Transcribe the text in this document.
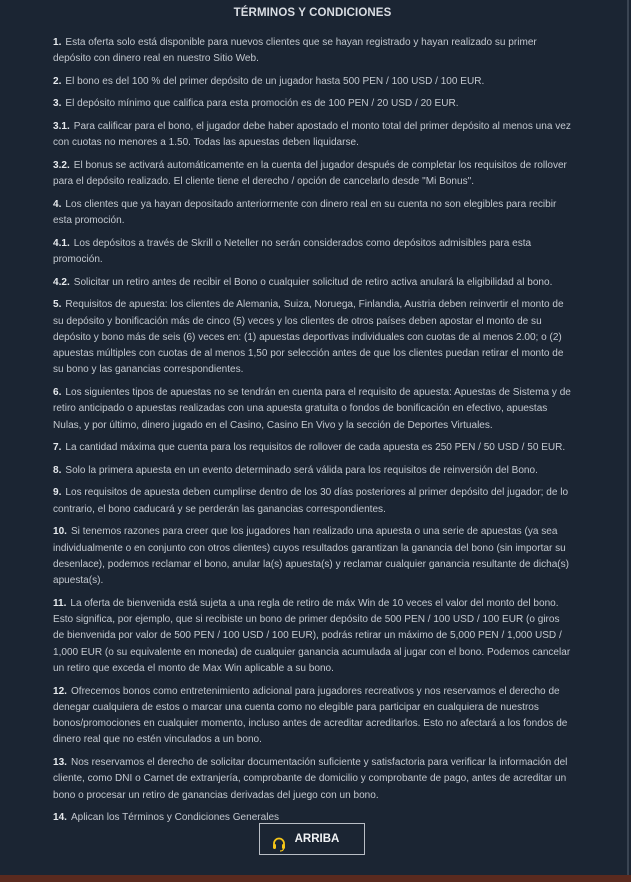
TÉRMINOS Y CONDICIONES
1. Esta oferta solo está disponible para nuevos clientes que se hayan registrado y hayan realizado su primer depósito con dinero real en nuestro Sitio Web.
2. El bono es del 100 % del primer depósito de un jugador hasta 500 PEN / 100 USD / 100 EUR.
3. El depósito mínimo que califica para esta promoción es de 100 PEN / 20 USD / 20 EUR.
3.1. Para calificar para el bono, el jugador debe haber apostado el monto total del primer depósito al menos una vez con cuotas no menores a 1.50. Todas las apuestas deben liquidarse.
3.2. El bonus se activará automáticamente en la cuenta del jugador después de completar los requisitos de rollover para el depósito realizado. El cliente tiene el derecho / opción de cancelarlo desde "Mi Bonus".
4. Los clientes que ya hayan depositado anteriormente con dinero real en su cuenta no son elegibles para recibir esta promoción.
4.1. Los depósitos a través de Skrill o Neteller no serán considerados como depósitos admisibles para esta promoción.
4.2. Solicitar un retiro antes de recibir el Bono o cualquier solicitud de retiro activa anulará la eligibilidad al bono.
5. Requisitos de apuesta: los clientes de Alemania, Suiza, Noruega, Finlandia, Austria deben reinvertir el monto de su depósito y bonificación más de cinco (5) veces y los clientes de otros países deben apostar el monto de su depósito y bono más de seis (6) veces en: (1) apuestas deportivas individuales con cuotas de al menos 2.00; o (2) apuestas múltiples con cuotas de al menos 1,50 por selección antes de que los clientes puedan retirar el monto de su bono y las ganancias correspondientes.
6. Los siguientes tipos de apuestas no se tendrán en cuenta para el requisito de apuesta: Apuestas de Sistema y de retiro anticipado o apuestas realizadas con una apuesta gratuita o fondos de bonificación en efectivo, apuestas Nulas, y por último, dinero jugado en el Casino, Casino En Vivo y la sección de Deportes Virtuales.
7. La cantidad máxima que cuenta para los requisitos de rollover de cada apuesta es 250 PEN / 50 USD / 50 EUR.
8. Solo la primera apuesta en un evento determinado será válida para los requisitos de reinversión del Bono.
9. Los requisitos de apuesta deben cumplirse dentro de los 30 días posteriores al primer depósito del jugador; de lo contrario, el bono caducará y se perderán las ganancias correspondientes.
10. Si tenemos razones para creer que los jugadores han realizado una apuesta o una serie de apuestas (ya sea individualmente o en conjunto con otros clientes) cuyos resultados garantizan la ganancia del bono (sin importar su desenlace), podemos reclamar el bono, anular la(s) apuesta(s) y reclamar cualquier ganancia resultante de dicha(s) apuesta(s).
11. La oferta de bienvenida está sujeta a una regla de retiro de máx Win de 10 veces el valor del monto del bono. Esto significa, por ejemplo, que si recibiste un bono de primer depósito de 500 PEN / 100 USD / 100 EUR (o giros de bienvenida por valor de 500 PEN / 100 USD / 100 EUR), podrás retirar un máximo de 5,000 PEN / 1,000 USD / 1,000 EUR (o su equivalente en moneda) de cualquier ganancia acumulada al jugar con el bono. Podemos cancelar un retiro que exceda el monto de Max Win aplicable a su bono.
12. Ofrecemos bonos como entretenimiento adicional para jugadores recreativos y nos reservamos el derecho de denegar cualquiera de estos o marcar una cuenta como no elegible para participar en cualquiera de nuestros bonos/promociones en cualquier momento, incluso antes de acreditar acreditarlos. Esto no afectará a los fondos de dinero real que no estén vinculados a un bono.
13. Nos reservamos el derecho de solicitar documentación suficiente y satisfactoria para verificar la información del cliente, como DNI o Carnet de extranjería, comprobante de domicilio y comprobante de pago, antes de acreditar un bono o procesar un retiro de ganancias derivadas del juego con un bono.
14. Aplican los Términos y Condiciones Generales
ARRIBA
